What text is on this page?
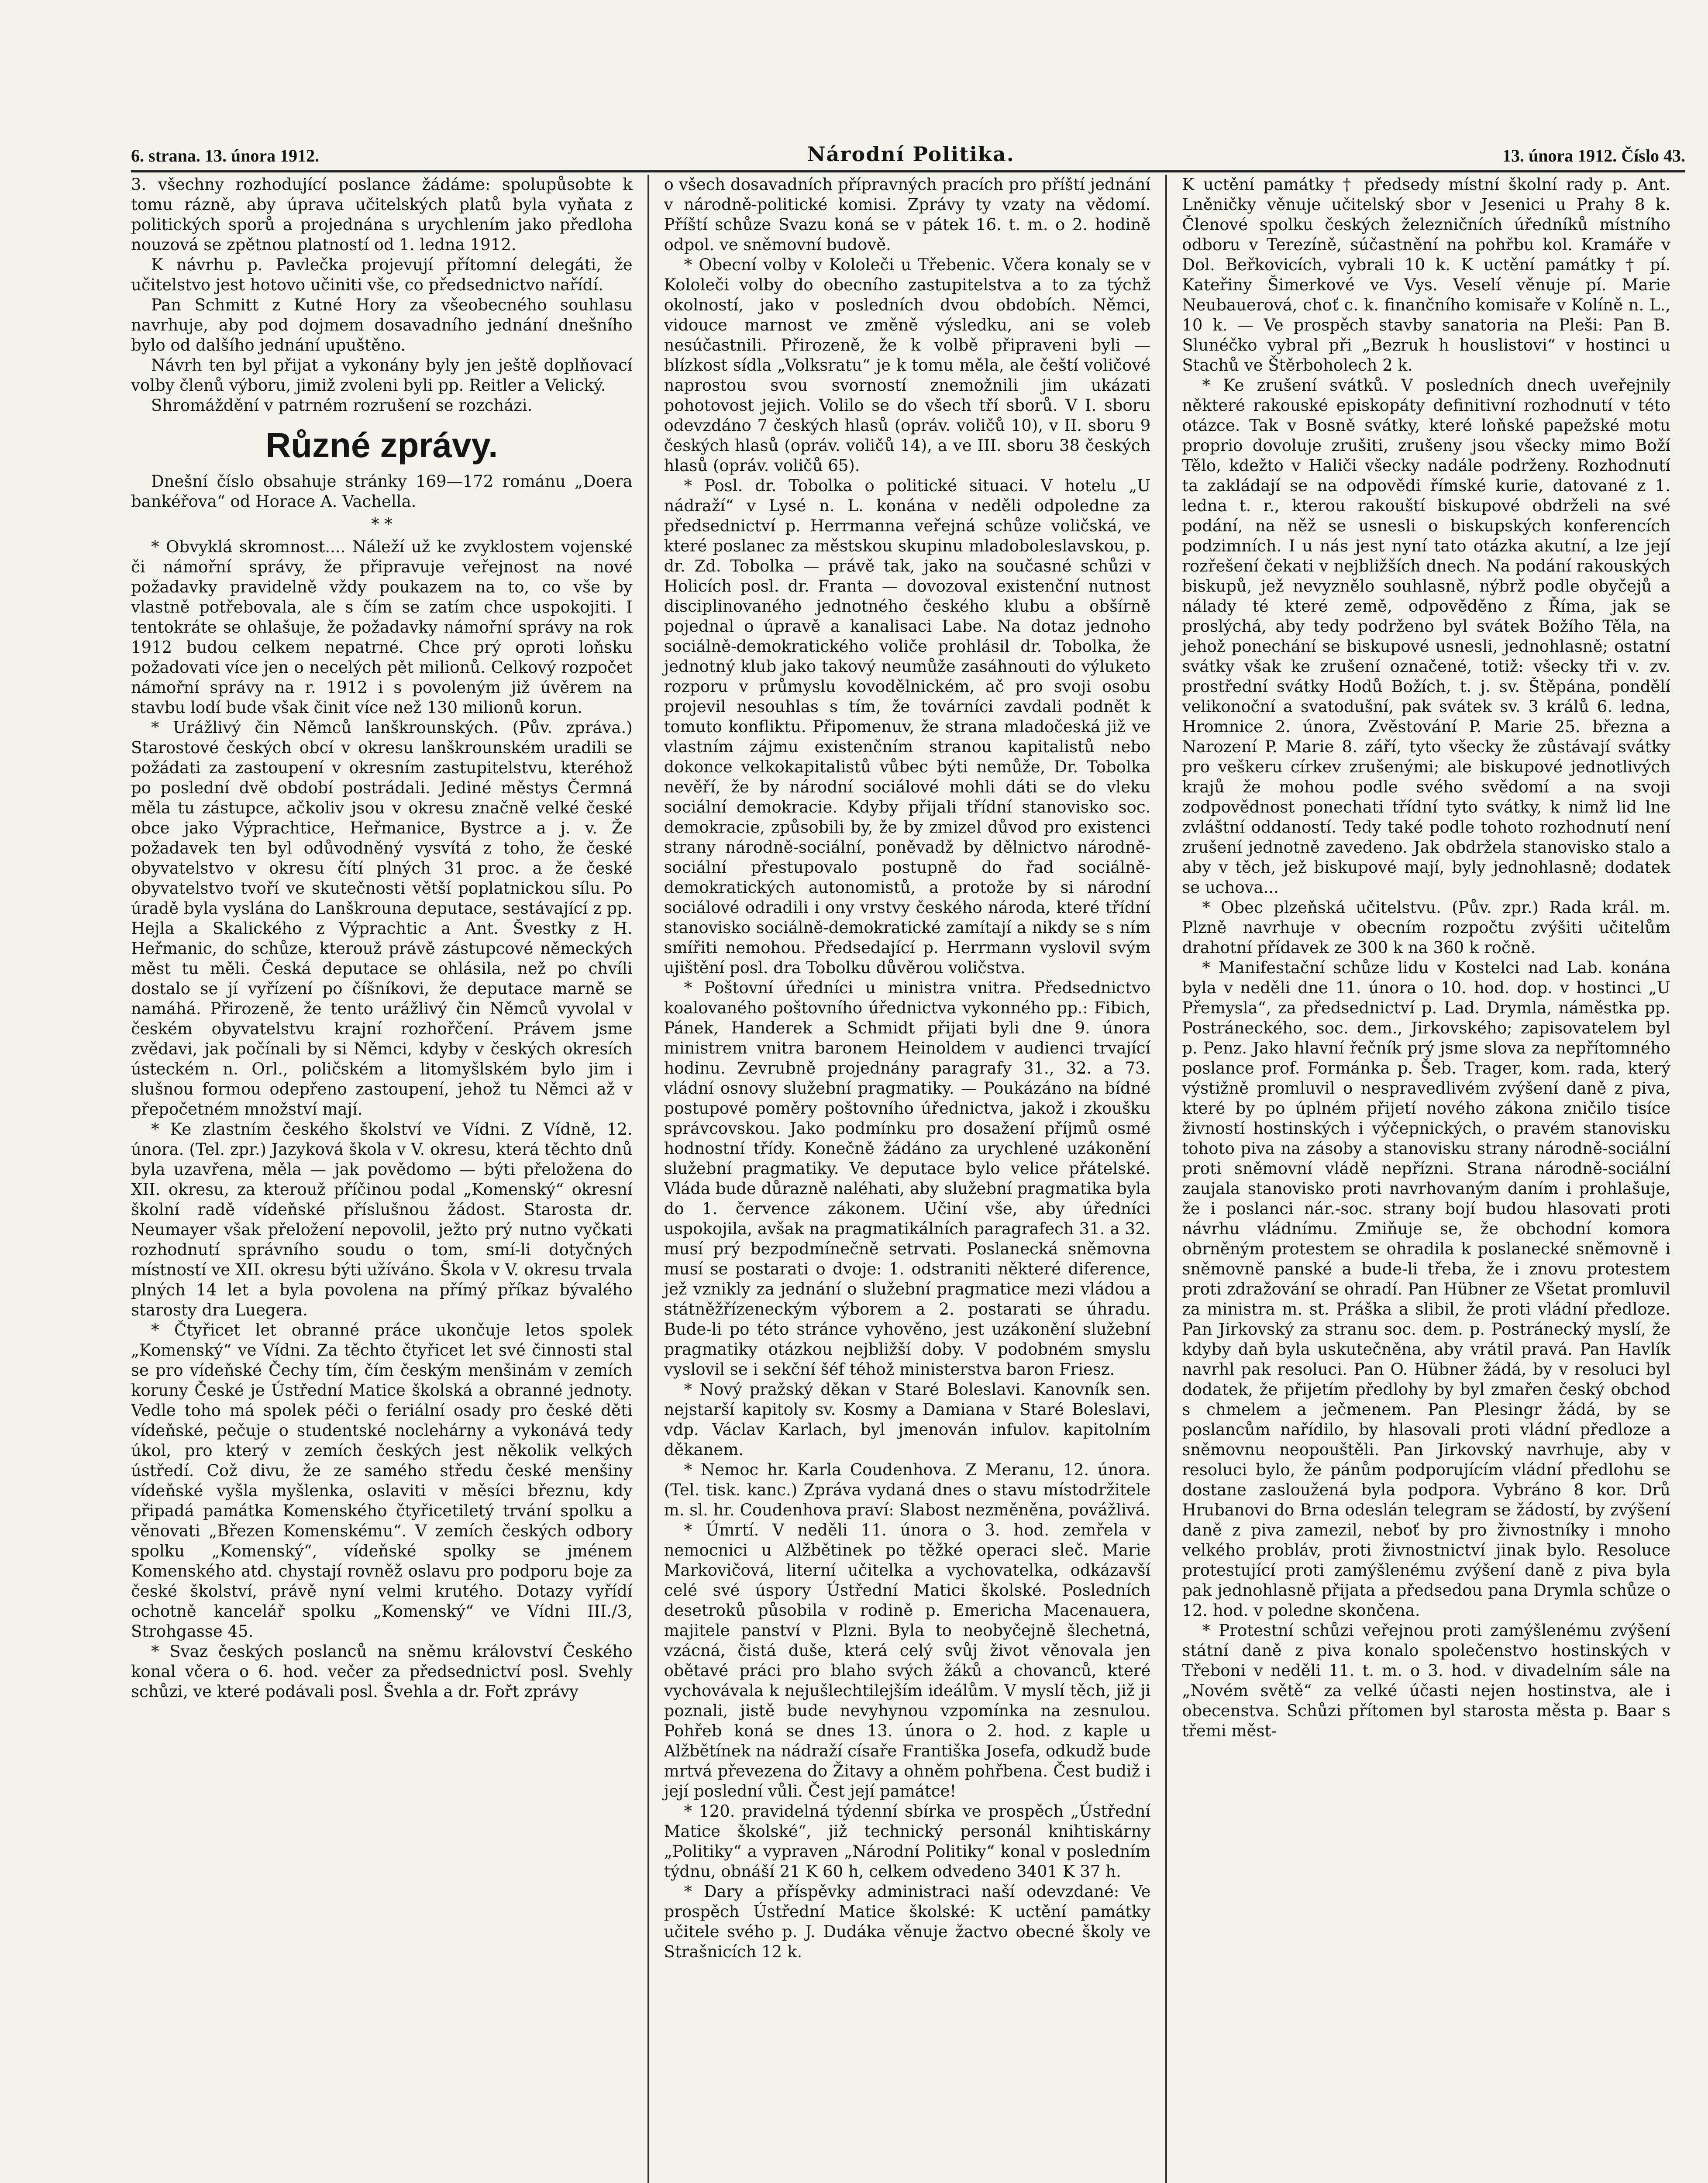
6. strana. 13. února 1912.	Národní Politika.	13. února 1912. Číslo 43.

3. všechny rozhodující poslance žádáme: spolupůsobte k tomu rázně, aby úprava učitelských platů byla vyňata z politických sporů a projednána s urychlením jako předloha nouzová se zpětnou platností od 1. ledna 1912.

K návrhu p. Pavlečka projevují přítomní delegáti, že učitelstvo jest hotovo učiniti vše, co předsednictvo nařídí.

Pan Schmitt z Kutné Hory za všeobecného souhlasu navrhuje, aby pod dojmem dosavadního jednání dnešního bylo od dalšího jednání upuštěno.

Návrh ten byl přijat a vykonány byly jen ještě doplňovací volby členů výboru, jimiž zvoleni byli pp. Reitler a Velický.

Shromáždění v patrném rozrušení se rozcházi.

Různé zprávy.

Dnešní číslo obsahuje stránky 169—172 románu „Doera bankéřova“ od Horace A. Vachella.

* *

* Obvyklá skromnost.... Náleží už ke zvyklostem vojenské či námořní správy, že připravuje veřejnost na nové požadavky pravidelně vždy poukazem na to, co vše by vlastně potřebovala, ale s čím se zatím chce uspokojiti. I tentokráte se ohlašuje, že požadavky námořní správy na rok 1912 budou celkem nepatrné. Chce prý oproti loňsku požadovati více jen o necelých pět milionů. Celkový rozpočet námořní správy na r. 1912 i s povoleným již úvěrem na stavbu lodí bude však činit více než 130 milionů korun.

* Urážlivý čin Němců lanškrounských. (Pův. zpráva.) Starostové českých obcí v okresu lanškrounském uradili se požádati za zastoupení v okresním zastupitelstvu, kteréhož po poslední dvě období postrádali. Jediné městys Čermná měla tu zástupce, ačkoliv jsou v okresu značně velké české obce jako Výprachtice, Heřmanice, Bystrce a j. v. Že požadavek ten byl odůvodněný vysvítá z toho, že české obyvatelstvo v okresu čítí plných 31 proc. a že české obyvatelstvo tvoří ve skutečnosti větší poplatnickou sílu. Po úradě byla vyslána do Lanškrouna deputace, sestávající z pp. Hejla a Skalického z Výprachtic a Ant. Švestky z H. Heřmanic, do schůze, kterouž právě zástupcové německých měst tu měli. Česká deputace se ohlásila, než po chvíli dostalo se jí vyřízení po číšníkovi, že deputace marně se namáhá. Přirozeně, že tento urážlivý čin Němců vyvolal v českém obyvatelstvu krajní rozhořčení. Právem jsme zvědavi, jak počínali by si Němci, kdyby v českých okresích ústeckém n. Orl., poličském a litomyšlském bylo jim i slušnou formou odepřeno zastoupení, jehož tu Němci až v přepočetném množství mají.

* Ke zlastním českého školství ve Vídni. Z Vídně, 12. února. (Tel. zpr.) Jazyková škola v V. okresu, která těchto dnů byla uzavřena, měla — jak povědomo — býti přeložena do XII. okresu, za kterouž příčinou podal „Komenský“ okresní školní radě vídeňské příslušnou žádost. Starosta dr. Neumayer však přeložení nepovolil, ježto prý nutno vyčkati rozhodnutí správního soudu o tom, smí-li dotyčných místností ve XII. okresu býti užíváno. Škola v V. okresu trvala plných 14 let a byla povolena na přímý příkaz bývalého starosty dra Luegera.

* Čtyřicet let obranné práce ukončuje letos spolek „Komenský“ ve Vídni. Za těchto čtyřicet let své činnosti stal se pro vídeňské Čechy tím, čím českým menšinám v zemích koruny České je Ústřední Matice školská a obranné jednoty. Vedle toho má spolek péči o feriální osady pro české děti vídeňské, pečuje o studentské noclehárny a vykonává tedy úkol, pro který v zemích českých jest několik velkých ústředí. Což divu, že ze samého středu české menšiny vídeňské vyšla myšlenka, oslaviti v měsíci březnu, kdy připadá památka Komenského čtyřicetiletý trvání spolku a věnovati „Březen Komenskému“. V zemích českých odbory spolku „Komenský“, vídeňské spolky se jménem Komenského atd. chystají rovněž oslavu pro podporu boje za české školství, právě nyní velmi krutého. Dotazy vyřídí ochotně kancelář spolku „Komenský“ ve Vídni III./3, Strohgasse 45.

* Svaz českých poslanců na sněmu království Českého konal včera o 6. hod. večer za předsednictví posl. Svehly schůzi, ve které podávali posl. Švehla a dr. Fořt zprávy

o všech dosavadních přípravných pracích pro příští jednání v národně-politické komisi. Zprávy ty vzaty na vědomí. Příští schůze Svazu koná se v pátek 16. t. m. o 2. hodině odpol. ve sněmovní budově.

* Obecní volby v Kololeči u Třebenic. Včera konaly se v Kololeči volby do obecního zastupitelstva a to za týchž okolností, jako v posledních dvou obdobích. Němci, vidouce marnost ve změně výsledku, ani se voleb nesúčastnili. Přirozeně, že k volbě připraveni byli — blízkost sídla „Volksratu“ je k tomu měla, ale čeští voličové naprostou svou svorností znemožnili jim ukázati pohotovost jejich. Volilo se do všech tří sborů. V I. sboru odevzdáno 7 českých hlasů (opráv. voličů 10), v II. sboru 9 českých hlasů (opráv. voličů 14), a ve III. sboru 38 českých hlasů (opráv. voličů 65).

* Posl. dr. Tobolka o politické situaci. V hotelu „U nádraží“ v Lysé n. L. konána v neděli odpoledne za předsednictví p. Herrmanna veřejná schůze voličská, ve které poslanec za městskou skupinu mladoboleslavskou, p. dr. Zd. Tobolka — právě tak, jako na současné schůzi v Holicích posl. dr. Franta — dovozoval existenční nutnost disciplinovaného jednotného českého klubu a obšírně pojednal o úpravě a kanalisaci Labe. Na dotaz jednoho sociálně-demokratického voliče prohlásil dr. Tobolka, že jednotný klub jako takový neumůže zasáhnouti do výluketo rozporu v průmyslu kovodělnickém, ač pro svoji osobu projevil nesouhlas s tím, že továrníci zavdali podnět k tomuto konfliktu. Připomenuv, že strana mladočeská již ve vlastním zájmu existenčním stranou kapitalistů nebo dokonce velkokapitalistů vůbec býti nemůže, Dr. Tobolka nevěří, že by národní sociálové mohli dáti se do vleku sociální demokracie. Kdyby přijali třídní stanovisko soc. demokracie, způsobili by, že by zmizel důvod pro existenci strany národně-sociální, poněvadž by dělnictvo národně-sociální přestupovalo postupně do řad sociálně-demokratických autonomistů, a protože by si národní sociálové odradili i ony vrstvy českého národa, které třídní stanovisko sociálně-demokratické zamítají a nikdy se s ním smířiti nemohou. Předsedající p. Herrmann vyslovil svým ujištění posl. dra Tobolku důvěrou voličstva.

* Poštovní úředníci u ministra vnitra. Předsednictvo koalovaného poštovního úřednictva vykonného pp.: Fibich, Pánek, Handerek a Schmidt přijati byli dne 9. února ministrem vnitra baronem Heinoldem v audienci trvající hodinu. Zevrubně projednány paragrafy 31., 32. a 73. vládní osnovy služební pragmatiky. — Poukázáno na bídné postupové poměry poštovního úřednictva, jakož i zkoušku správcovskou. Jako podmínku pro dosažení příjmů osmé hodnostní třídy. Konečně žádáno za urychlené uzákonění služební pragmatiky. Ve deputace bylo velice přátelské. Vláda bude důrazně naléhati, aby služební pragmatika byla do 1. července zákonem. Učiní vše, aby úředníci uspokojila, avšak na pragmatikálních paragrafech 31. a 32. musí prý bezpodmínečně setrvati. Poslanecká sněmovna musí se postarati o dvoje: 1. odstraniti některé diference, jež vznikly za jednání o služební pragmatice mezi vládou a státněžřízeneckým výborem a 2. postarati se úhradu. Bude-li po této stránce vyhověno, jest uzákonění služební pragmatiky otázkou nejbližší doby. V podobném smyslu vyslovil se i sekční šéf téhož ministerstva baron Friesz.

* Nový pražský děkan v Staré Boleslavi. Kanovník sen. nejstarší kapitoly sv. Kosmy a Damiana v Staré Boleslavi, vdp. Václav Karlach, byl jmenován infulov. kapitolním děkanem.

* Nemoc hr. Karla Coudenhova. Z Meranu, 12. února. (Tel. tisk. kanc.) Zpráva vydaná dnes o stavu místodržitele m. sl. hr. Coudenhova praví: Slabost nezměněna, povážlivá.

* Úmrtí. V neděli 11. února o 3. hod. zemřela v nemocnici u Alžbětinek po těžké operaci sleč. Marie Markovičová, literní učitelka a vychovatelka, odkázavší celé své úspory Ústřední Matici školské. Posledních desetroků působila v rodině p. Emericha Macenauera, majitele panství v Plzni. Byla to neobyčejně šlechetná, vzácná, čistá duše, která celý svůj život věnovala jen obětavé práci pro blaho svých žáků a chovanců, které vychovávala k nejušlechtilejším ideálům. V myslí těch, již ji poznali, jistě bude nevyhynou vzpomínka na zesnulou. Pohřeb koná se dnes 13. února o 2. hod. z kaple u Alžbětínek na nádraží císaře Františka Josefa, odkudž bude mrtvá převezena do Žitavy a ohněm pohřbena. Čest budiž i její poslední vůli. Čest její památce!

* 120. pravidelná týdenní sbírka ve prospěch „Ústřední Matice školské“, již technický personál knihtiskárny „Politiky“ a vypraven „Národní Politiky“ konal v posledním týdnu, obnáší 21 K 60 h, celkem odvedeno 3401 K 37 h.

* Dary a příspěvky administraci naší odevzdané: Ve prospěch Ústřední Matice školské: K uctění památky učitele svého p. J. Dudáka věnuje žactvo obecné školy ve Strašnicích 12 k.

K uctění památky † předsedy místní školní rady p. Ant. Lněničky věnuje učitelský sbor v Jesenici u Prahy 8 k. Členové spolku českých železničních úředníků místního odboru v Terezíně, súčastnění na pohřbu kol. Kramáře v Dol. Beřkovicích, vybrali 10 k. K uctění památky † pí. Kateřiny Šimerkové ve Vys. Veselí věnuje pí. Marie Neubauerová, choť c. k. finančního komisaře v Kolíně n. L., 10 k. — Ve prospěch stavby sanatoria na Pleši: Pan B. Slunéčko vybral při „Bezruk h houslistovi“ v hostinci u Stachů ve Štěrboholech 2 k.

* Ke zrušení svátků. V posledních dnech uveřejnily některé rakouské episkopáty definitivní rozhodnutí v této otázce. Tak v Bosně svátky, které loňské papežské motu proprio dovoluje zrušiti, zrušeny jsou všecky mimo Boží Tělo, kdežto v Haliči všecky nadále podrženy. Rozhodnutí ta zakládají se na odpovědi římské kurie, datované z 1. ledna t. r., kterou rakouští biskupové obdrželi na své podání, na něž se usnesli o biskupských konferencích podzimních. I u nás jest nyní tato otázka akutní, a lze její rozřešení čekati v nejbližších dnech. Na podání rakouských biskupů, jež nevyznělo souhlasně, nýbrž podle obyčejů a nálady té které země, odpověděno z Říma, jak se proslýchá, aby tedy podrženo byl svátek Božího Těla, na jehož ponechání se biskupové usnesli, jednohlasně; ostatní svátky však ke zrušení označené, totiž: všecky tři v. zv. prostřední svátky Hodů Božích, t. j. sv. Štěpána, pondělí velikonoční a svatodušní, pak svátek sv. 3 králů 6. ledna, Hromnice 2. února, Zvěstování P. Marie 25. března a Narození P. Marie 8. září, tyto všecky že zůstávají svátky pro veškeru církev zrušenými; ale biskupové jednotlivých krajů že mohou podle svého svědomí a na svoji zodpovědnost ponechati třídní tyto svátky, k nimž lid lne zvláštní oddaností. Tedy také podle tohoto rozhodnutí není zrušení jednotně zavedeno. Jak obdržela stanovisko stalo a aby v těch, jež biskupové mají, byly jednohlasně; dodatek se uchova...

* Obec plzeňská učitelstvu. (Pův. zpr.) Rada král. m. Plzně navrhuje v obecním rozpočtu zvýšiti učitelům drahotní přídavek ze 300 k na 360 k ročně.

* Manifestační schůze lidu v Kostelci nad Lab. konána byla v neděli dne 11. února o 10. hod. dop. v hostinci „U Přemysla“, za předsednictví p. Lad. Drymla, náměstka pp. Postráneckého, soc. dem., Jirkovského; zapisovatelem byl p. Penz. Jako hlavní řečník prý jsme slova za nepřítomného poslance prof. Formánka p. Šeb. Trager, kom. rada, který výstižně promluvil o nespravedlivém zvýšení daně z piva, které by po úplném přijetí nového zákona zničilo tisíce živností hostinských i výčepnických, o pravém stanovisku tohoto piva na zásoby a stanovisku strany národně-sociální proti sněmovní vládě nepřízni. Strana národně-sociální zaujala stanovisko proti navrhovaným daním i prohlašuje, že i poslanci nár.-soc. strany bojí budou hlasovati proti návrhu vládnímu. Zmiňuje se, že obchodní komora obrněným protestem se ohradila k poslanecké sněmovně i sněmovně panské a bude-li třeba, že i znovu protestem proti zdražování se ohradí. Pan Hübner ze Všetat promluvil za ministra m. st. Práška a slibil, že proti vládní předloze. Pan Jirkovský za stranu soc. dem. p. Postránecký myslí, že kdyby daň byla uskutečněna, aby vrátil pravá. Pan Havlík navrhl pak resoluci. Pan O. Hübner žádá, by v resoluci byl dodatek, že přijetím předlohy by byl zmařen český obchod s chmelem a ječmenem. Pan Plesingr žádá, by se poslancům nařídilo, by hlasovali proti vládní předloze a sněmovnu neopouštěli. Pan Jirkovský navrhuje, aby v resoluci bylo, že pánům podporujícím vládní předlohu se dostane zasloužená byla podpora. Vybráno 8 kor. Drů Hrubanovi do Brna odeslán telegram se žádostí, by zvýšení daně z piva zamezil, neboť by pro živnostníky i mnoho velkého probláv, proti živnostnictví jinak bylo. Resoluce protestující proti zamýšlenému zvýšení daně z piva byla pak jednohlasně přijata a předsedou pana Drymla schůze o 12. hod. v poledne skončena.

* Protestní schůzi veřejnou proti zamýšlenému zvýšení státní daně z piva konalo společenstvo hostinských v Třeboni v neděli 11. t. m. o 3. hod. v divadelním sále na „Novém světě“ za velké účasti nejen hostinstva, ale i obecenstva. Schůzi přítomen byl starosta města p. Baar s třemi měst-
